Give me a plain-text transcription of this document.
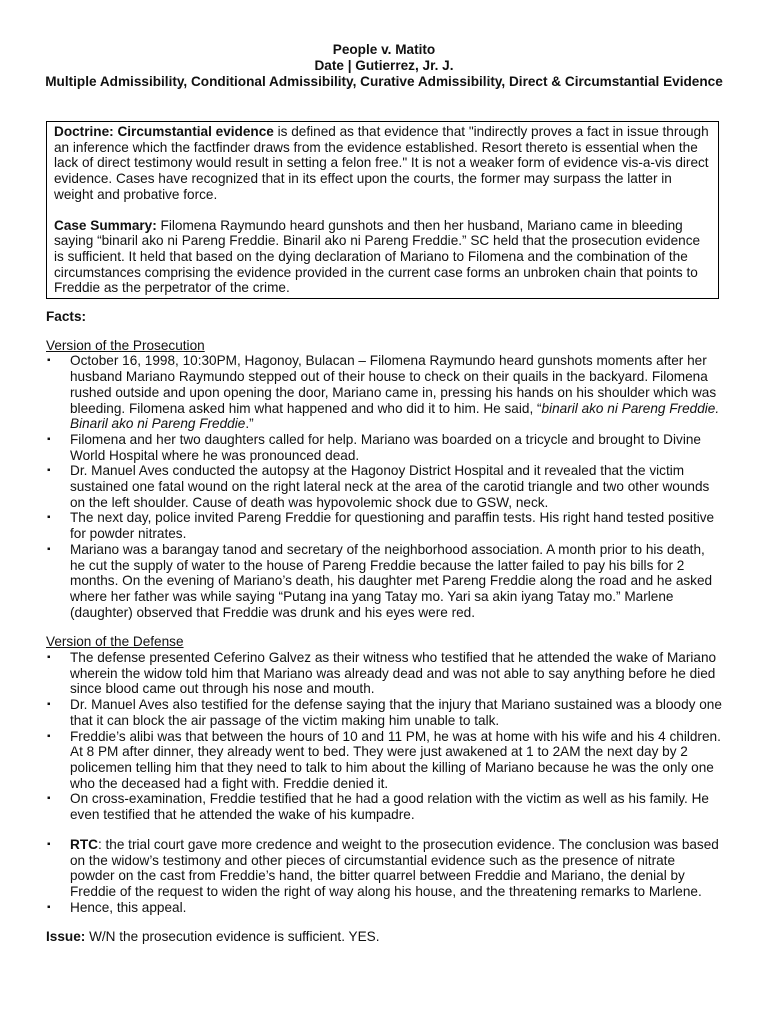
People v. Matito
Date | Gutierrez, Jr. J.
Multiple Admissibility, Conditional Admissibility, Curative Admissibility, Direct & Circumstantial Evidence

Doctrine: Circumstantial evidence is defined as that evidence that "indirectly proves a fact in issue through an inference which the factfinder draws from the evidence established. Resort thereto is essential when the lack of direct testimony would result in setting a felon free." It is not a weaker form of evidence vis-a-vis direct evidence. Cases have recognized that in its effect upon the courts, the former may surpass the latter in weight and probative force.

Case Summary: Filomena Raymundo heard gunshots and then her husband, Mariano came in bleeding saying “binaril ako ni Pareng Freddie. Binaril ako ni Pareng Freddie.” SC held that the prosecution evidence is sufficient. It held that based on the dying declaration of Mariano to Filomena and the combination of the circumstances comprising the evidence provided in the current case forms an unbroken chain that points to Freddie as the perpetrator of the crime.

Facts:
Version of the Prosecution
▪ October 16, 1998, 10:30PM, Hagonoy, Bulacan – Filomena Raymundo heard gunshots moments after her husband Mariano Raymundo stepped out of their house to check on their quails in the backyard. Filomena rushed outside and upon opening the door, Mariano came in, pressing his hands on his shoulder which was bleeding. Filomena asked him what happened and who did it to him. He said, “binaril ako ni Pareng Freddie. Binaril ako ni Pareng Freddie.”
▪ Filomena and her two daughters called for help. Mariano was boarded on a tricycle and brought to Divine World Hospital where he was pronounced dead.
▪ Dr. Manuel Aves conducted the autopsy at the Hagonoy District Hospital and it revealed that the victim sustained one fatal wound on the right lateral neck at the area of the carotid triangle and two other wounds on the left shoulder. Cause of death was hypovolemic shock due to GSW, neck.
▪ The next day, police invited Pareng Freddie for questioning and paraffin tests. His right hand tested positive for powder nitrates.
▪ Mariano was a barangay tanod and secretary of the neighborhood association. A month prior to his death, he cut the supply of water to the house of Pareng Freddie because the latter failed to pay his bills for 2 months. On the evening of Mariano’s death, his daughter met Pareng Freddie along the road and he asked where her father was while saying “Putang ina yang Tatay mo. Yari sa akin iyang Tatay mo.” Marlene (daughter) observed that Freddie was drunk and his eyes were red.
Version of the Defense
▪ The defense presented Ceferino Galvez as their witness who testified that he attended the wake of Mariano wherein the widow told him that Mariano was already dead and was not able to say anything before he died since blood came out through his nose and mouth.
▪ Dr. Manuel Aves also testified for the defense saying that the injury that Mariano sustained was a bloody one that it can block the air passage of the victim making him unable to talk.
▪ Freddie’s alibi was that between the hours of 10 and 11 PM, he was at home with his wife and his 4 children. At 8 PM after dinner, they already went to bed. They were just awakened at 1 to 2AM the next day by 2 policemen telling him that they need to talk to him about the killing of Mariano because he was the only one who the deceased had a fight with. Freddie denied it.
▪ On cross-examination, Freddie testified that he had a good relation with the victim as well as his family. He even testified that he attended the wake of his kumpadre.
▪ RTC: the trial court gave more credence and weight to the prosecution evidence. The conclusion was based on the widow’s testimony and other pieces of circumstantial evidence such as the presence of nitrate powder on the cast from Freddie’s hand, the bitter quarrel between Freddie and Mariano, the denial by Freddie of the request to widen the right of way along his house, and the threatening remarks to Marlene.
▪ Hence, this appeal.
Issue: W/N the prosecution evidence is sufficient. YES.
